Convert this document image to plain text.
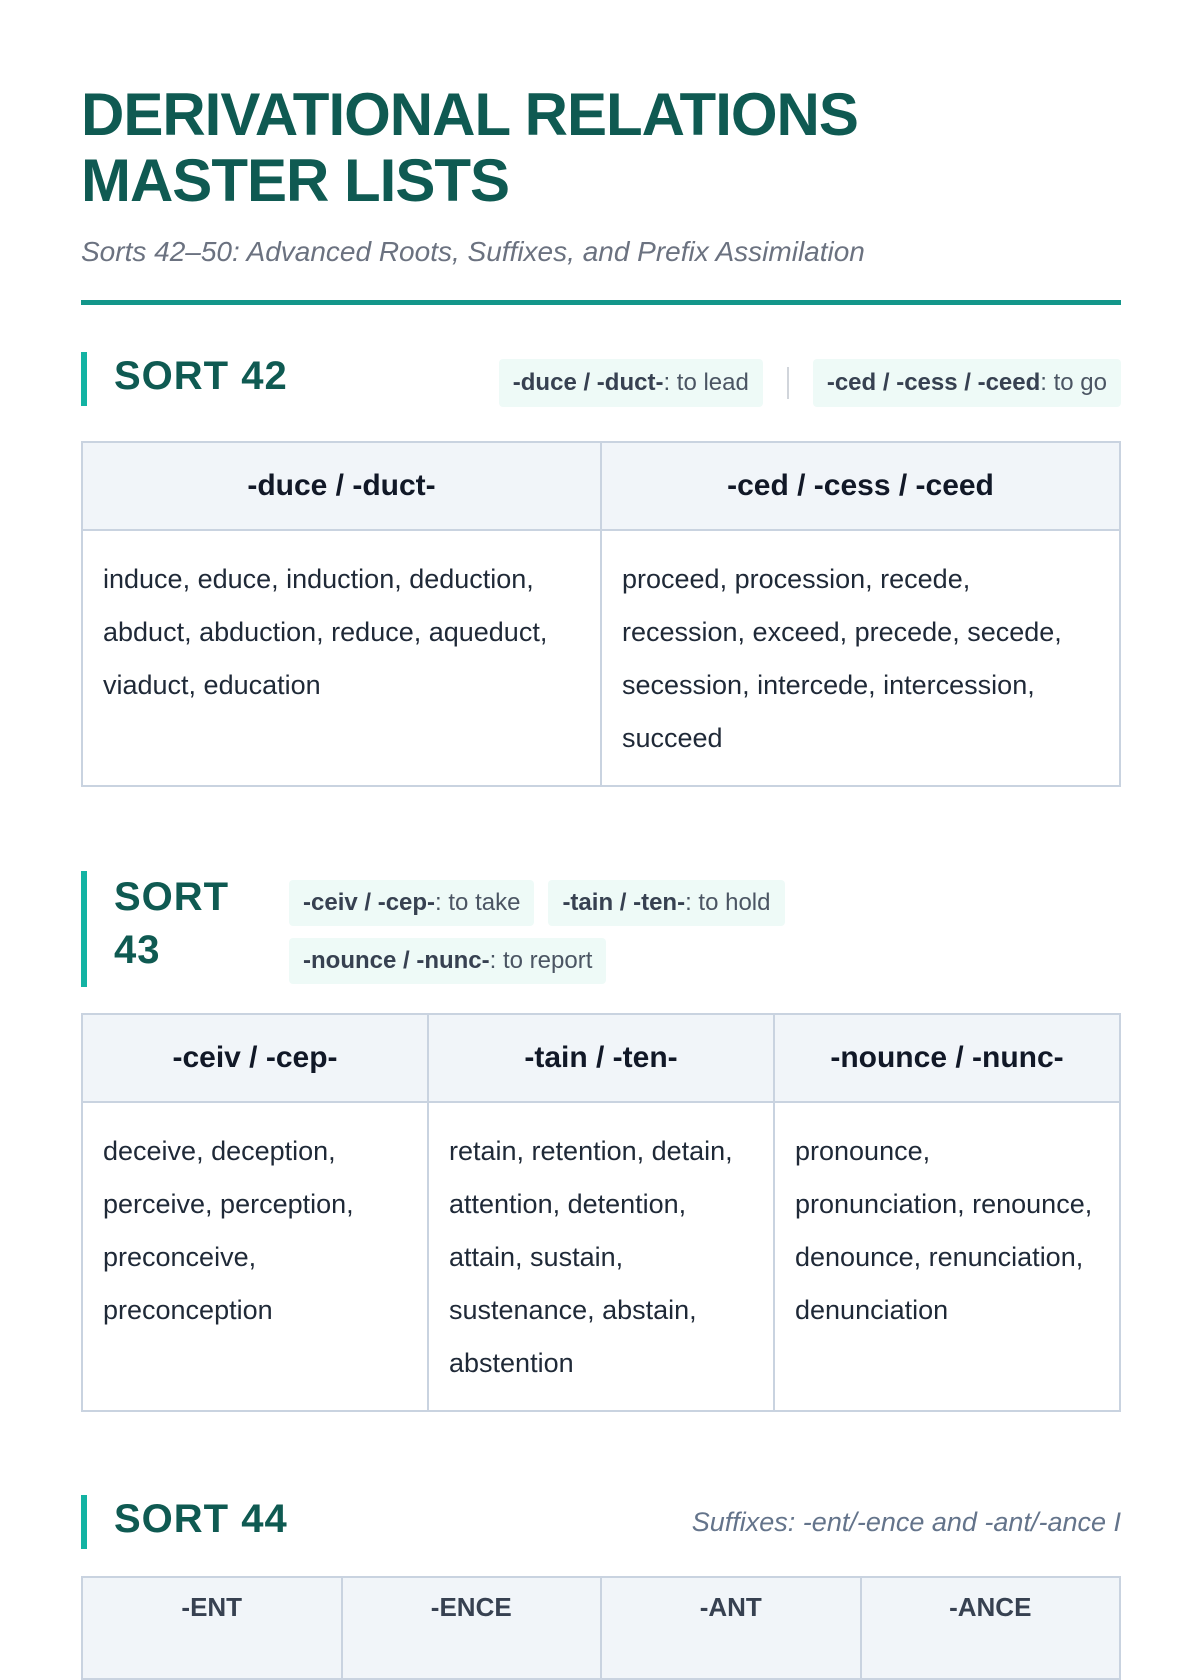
DERIVATIONAL RELATIONS
MASTER LISTS
Sorts 42–50: Advanced Roots, Suffixes, and Prefix Assimilation
SORT 42	-duce / -duct- : to lead	-ced / -cess / -ceed : to go
-duce / -duct-	-ced / -cess / -ceed
induce, educe, induction, deduction, abduct, abduction, reduce, aqueduct, viaduct, education	proceed, procession, recede, recession, exceed, precede, secede, secession, intercede, intercession, succeed
SORT
43
-ceiv / -cep- : to take -tain / -ten- : to hold
-nounce / -nunc- : to report
-ceiv / -cep-	-tain / -ten-	-nounce / -nunc-
deceive, deception, perceive, perception, preconceive, preconception	retain, retention, detain, attention, detention, attain, sustain, sustenance, abstain, abstention	pronounce, pronunciation, renounce, denounce, renunciation, denunciation
SORT 44	Suffixes: -ent/-ence and -ant/-ance I
-ENT	-ENCE	-ANT	-ANCE
